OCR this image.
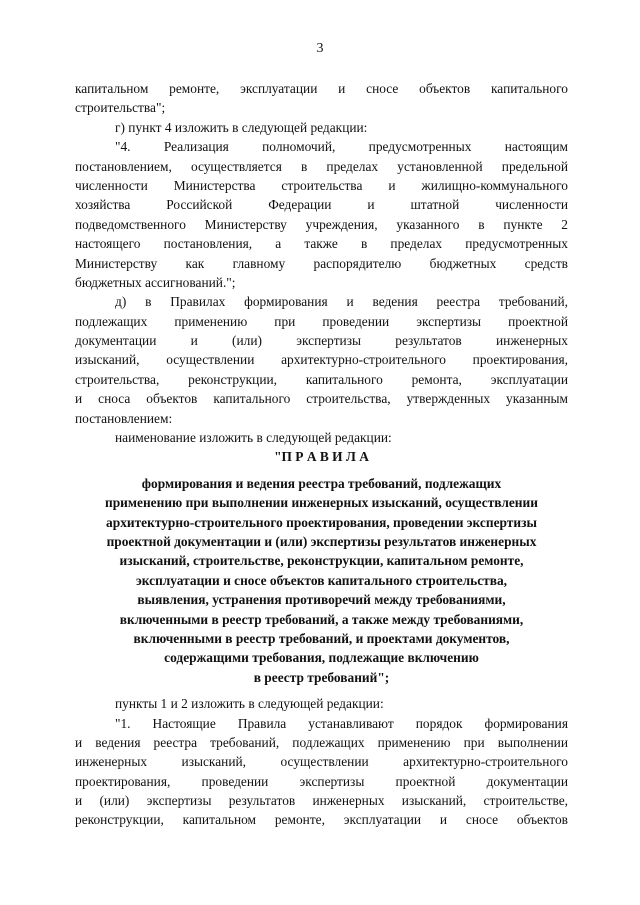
3
капитальном ремонте, эксплуатации и сносе объектов капитального
строительства";
г) пункт 4 изложить в следующей редакции:
"4. Реализация полномочий, предусмотренных настоящим
постановлением, осуществляется в пределах установленной предельной
численности Министерства строительства и жилищно-коммунального
хозяйства Российской Федерации и штатной численности
подведомственного Министерству учреждения, указанного в пункте 2
настоящего постановления, а также в пределах предусмотренных
Министерству как главному распорядителю бюджетных средств
бюджетных ассигнований.";
д) в Правилах формирования и ведения реестра требований,
подлежащих применению при проведении экспертизы проектной
документации и (или) экспертизы результатов инженерных
изысканий, осуществлении архитектурно-строительного проектирования,
строительства, реконструкции, капитального ремонта, эксплуатации
и сноса объектов капитального строительства, утвержденных указанным
постановлением:
наименование изложить в следующей редакции:
"П Р А В И Л А
формирования и ведения реестра требований, подлежащих
применению при выполнении инженерных изысканий, осуществлении
архитектурно-строительного проектирования, проведении экспертизы
проектной документации и (или) экспертизы результатов инженерных
изысканий, строительстве, реконструкции, капитальном ремонте,
эксплуатации и сносе объектов капитального строительства,
выявления, устранения противоречий между требованиями,
включенными в реестр требований, а также между требованиями,
включенными в реестр требований, и проектами документов,
содержащими требования, подлежащие включению
в реестр требований";
пункты 1 и 2 изложить в следующей редакции:
"1. Настоящие Правила устанавливают порядок формирования
и ведения реестра требований, подлежащих применению при выполнении
инженерных изысканий, осуществлении архитектурно-строительного
проектирования, проведении экспертизы проектной документации
и (или) экспертизы результатов инженерных изысканий, строительстве,
реконструкции, капитальном ремонте, эксплуатации и сносе объектов
